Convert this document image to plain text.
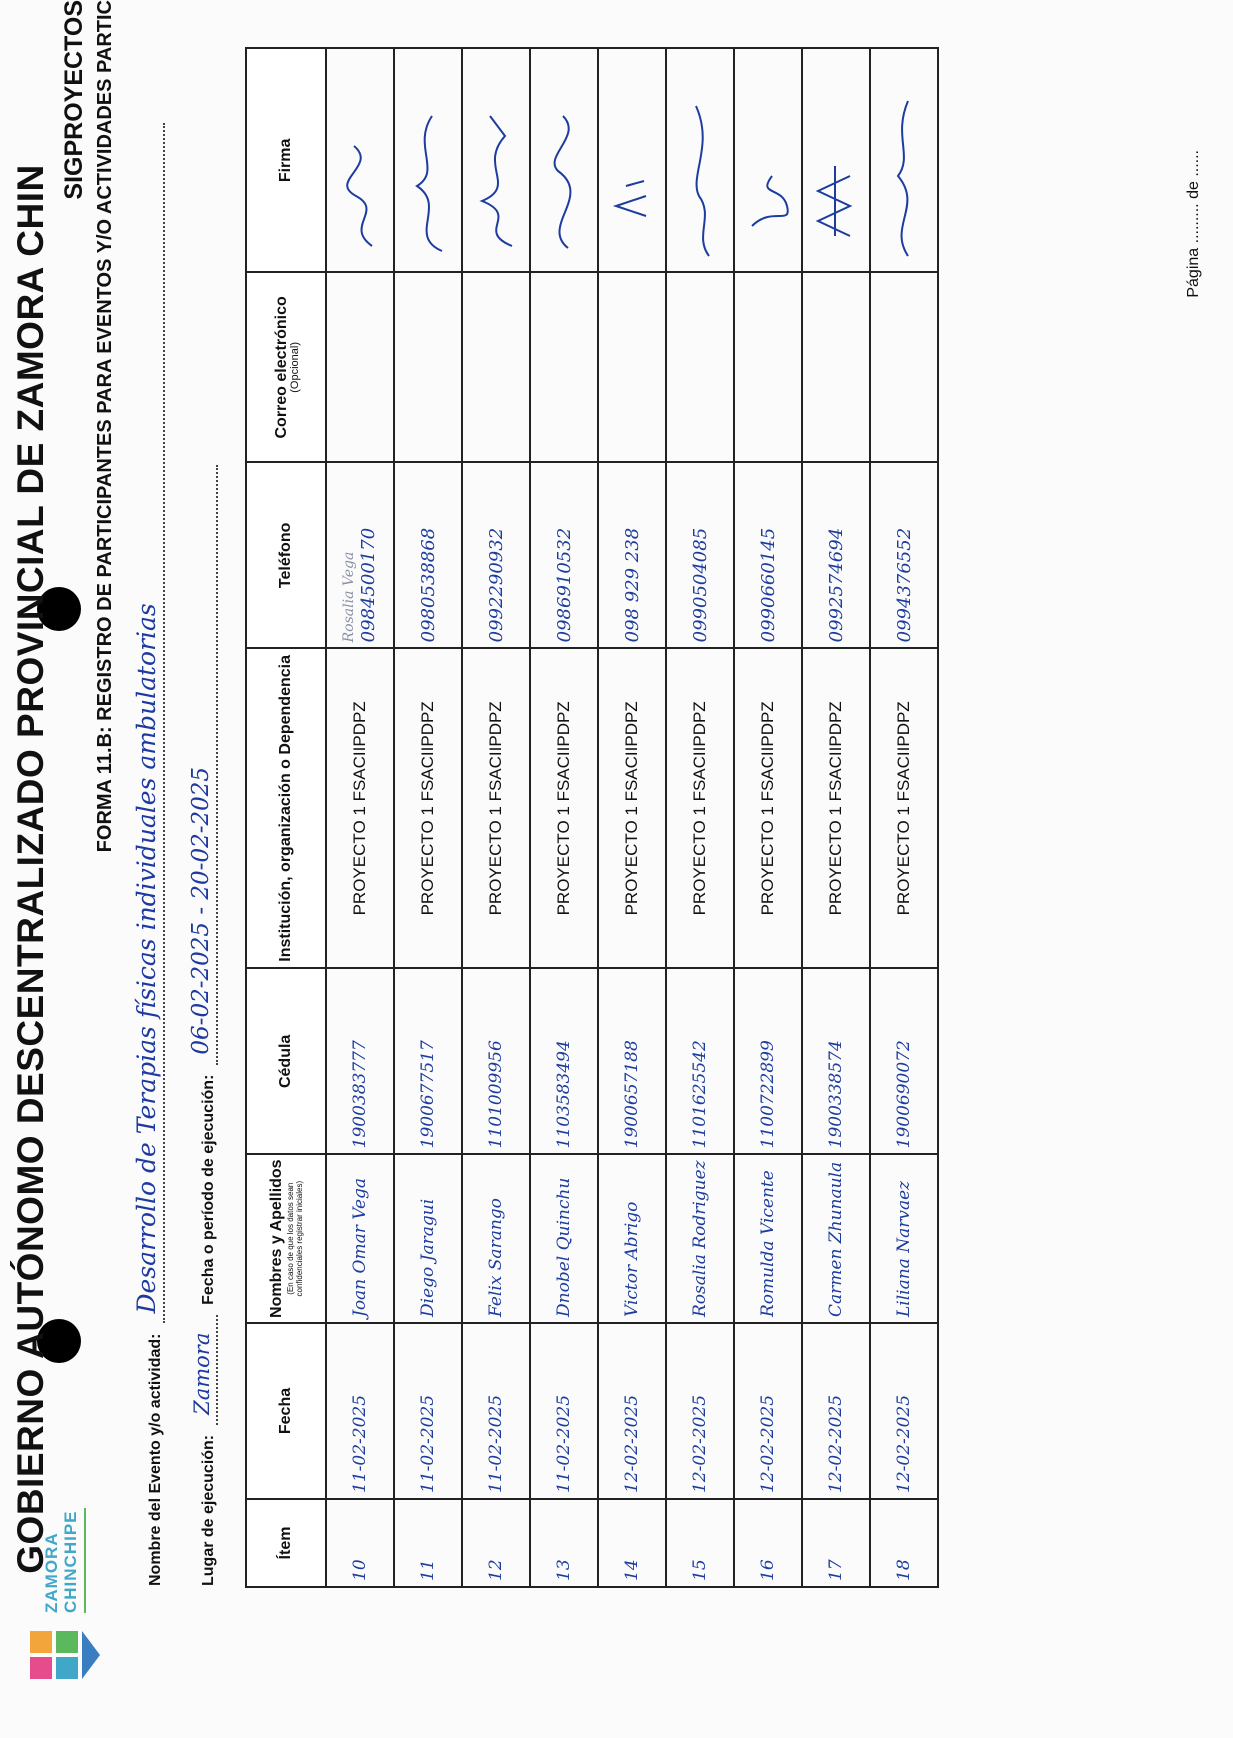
ZAMORA CHINCHIPE
GOBIERNO AUTÓNOMO DESCENTRALIZADO PROVINCIAL DE ZAMORA CHIN
SIGPROYECTOS FORMA 11.B: REGISTRO DE PARTICIPANTES PARA EVENTOS Y/O ACTIVIDADES PARTIC
Nombre del Evento y/o actividad:
Desarrollo de Terapias físicas individuales ambulatorias
Lugar de ejecución:
Zamora
Fecha o período de ejecución:
06-02-2025 - 20-02-2025
Ítem	Fecha	Nombres y Apellidos (En caso de que los datos sean confidenciales registrar iniciales)	Cédula	Institución, organización o Dependencia	Teléfono	Correo electrónico (Opcional)	Firma
10	11-02-2025	Joan Omar Vega	1900383777	PROYECTO 1 FSACIIPDPZ	Rosalia Vega 0984500170

11	11-02-2025	Diego Jaragui	1900677517	PROYECTO 1 FSACIIPDPZ	0980538868

12	11-02-2025	Felix Sarango	1101009956	PROYECTO 1 FSACIIPDPZ	0992290932

13	11-02-2025	Dnobel Quinchu	1103583494	PROYECTO 1 FSACIIPDPZ	0986910532

14	12-02-2025	Victor Abrigo	1900657188	PROYECTO 1 FSACIIPDPZ	098 929 238

15	12-02-2025	Rosalia Rodriguez	1101625542	PROYECTO 1 FSACIIPDPZ	0990504085

16	12-02-2025	Romulda Vicente	1100722899	PROYECTO 1 FSACIIPDPZ	0990660145

17	12-02-2025	Carmen Zhunaula	1900338574	PROYECTO 1 FSACIIPDPZ	0992574694

18	12-02-2025	Liliana Narvaez	1900690072	PROYECTO 1 FSACIIPDPZ	0994376552

Página ......... de ......
